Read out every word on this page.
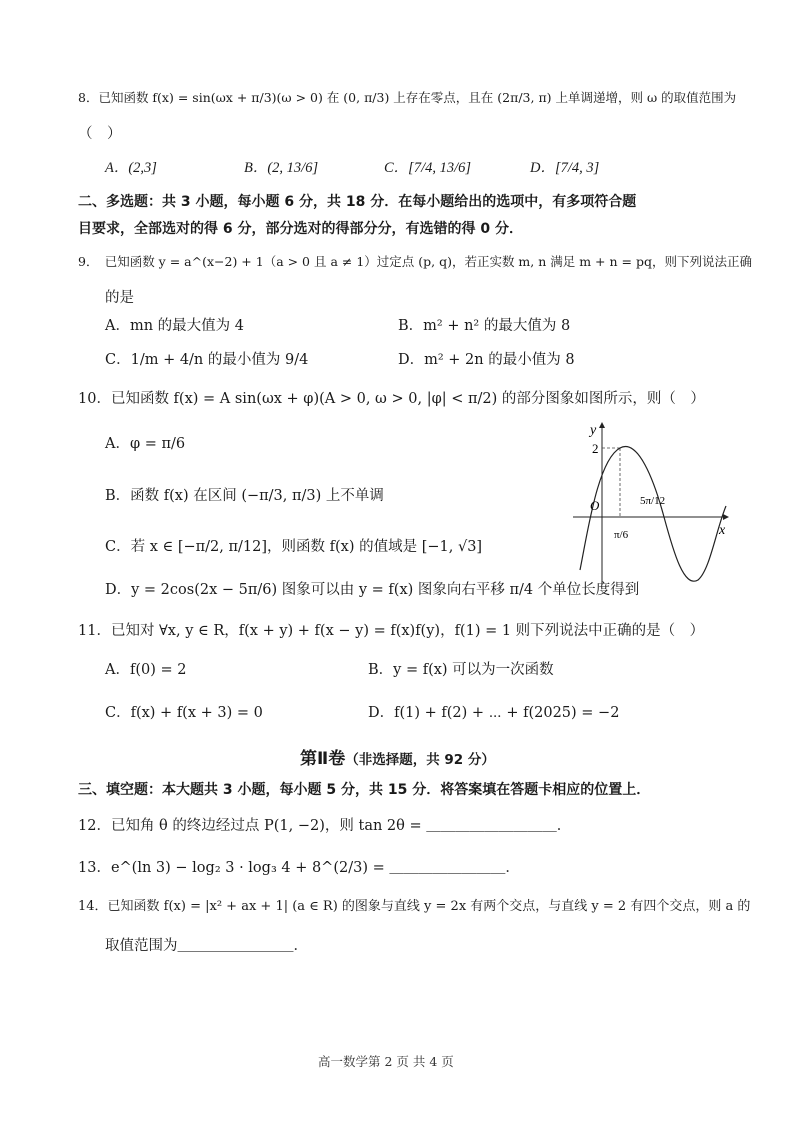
8．已知函数 f(x) = sin(ωx + π/3)(ω > 0) 在 (0, π/3) 上存在零点，且在 (2π/3, π) 上单调递增，则 ω 的取值范围为
（　）
A．(2,3]	B．(2, 13/6]	C．[7/4, 13/6]	D．[7/4, 3]
二、多选题：共 3 小题，每小题 6 分，共 18 分．在每小题给出的选项中，有多项符合题
目要求，全部选对的得 6 分，部分选对的得部分分，有选错的得 0 分．
9．　已知函数 y = a^(x−2) + 1（a > 0 且 a ≠ 1）过定点 (p, q)，若正实数 m, n 满足 m + n = pq，则下列说法正确
的是
A．mn 的最大值为 4	B．m² + n² 的最大值为 8
C．1/m + 4/n 的最小值为 9/4	D．m² + 2n 的最小值为 8
10．已知函数 f(x) = A sin(ωx + φ)(A > 0, ω > 0, |φ| < π/2) 的部分图象如图所示，则（　）
A．φ = π/6
B．函数 f(x) 在区间 (−π/3, π/3) 上不单调
C．若 x ∈ [−π/2, π/12]，则函数 f(x) 的值域是 [−1, √3]
D．y = 2cos(2x − 5π/6) 图象可以由 y = f(x) 图象向右平移 π/4 个单位长度得到
y
x
O
2
π/6
5π/12
11．已知对 ∀x, y ∈ R，f(x + y) + f(x − y) = f(x)f(y)，f(1) = 1 则下列说法中正确的是（　）
A．f(0) = 2	B．y = f(x) 可以为一次函数
C．f(x) + f(x + 3) = 0	D．f(1) + f(2) + ⋯ + f(2025) = −2
第Ⅱ卷（非选择题，共 92 分）
三、填空题：本大题共 3 小题，每小题 5 分，共 15 分．将答案填在答题卡相应的位置上．
12．已知角 θ 的终边经过点 P(1, −2)，则 tan 2θ = ＿＿＿＿＿＿＿＿＿．
13．e^(ln 3) − log₂ 3 · log₃ 4 + 8^(2/3) = ＿＿＿＿＿＿＿＿．
14．已知函数 f(x) = |x² + ax + 1| (a ∈ R) 的图象与直线 y = 2x 有两个交点，与直线 y = 2 有四个交点，则 a 的
取值范围为＿＿＿＿＿＿＿＿．
高一数学第 2 页 共 4 页
